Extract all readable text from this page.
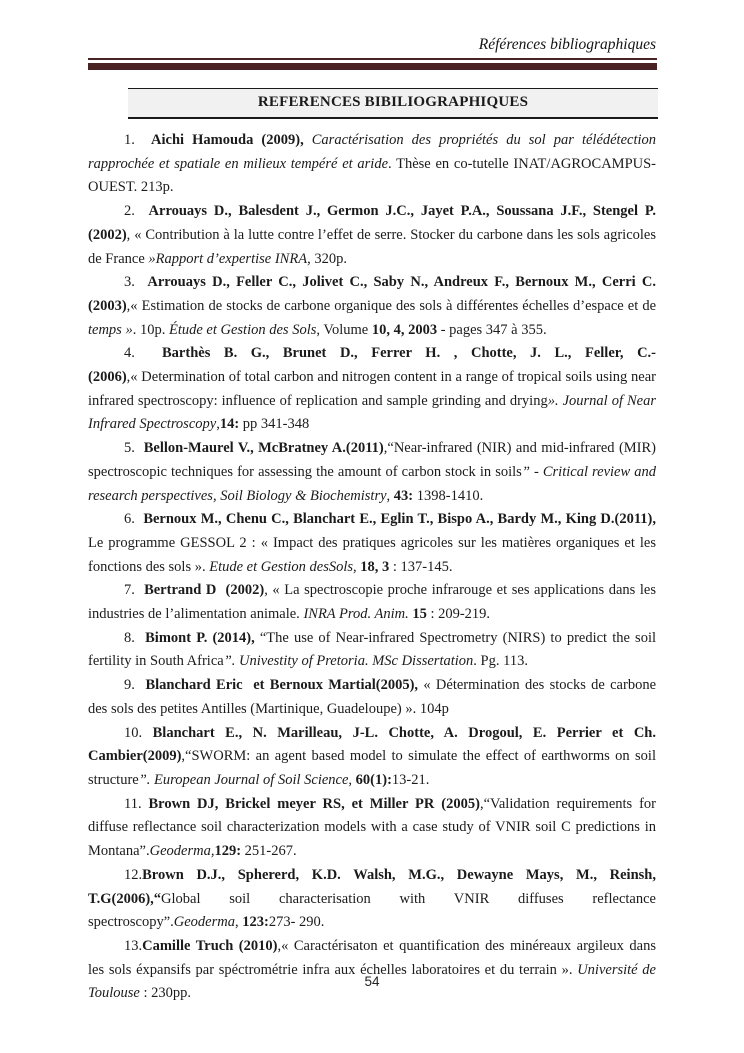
Références bibliographiques
REFERENCES BIBILIOGRAPHIQUES

1.  Aichi Hamouda (2009), Caractérisation des propriétés du sol par télédétection rapprochée et spatiale en milieux tempéré et aride. Thèse en co-tutelle INAT/AGROCAMPUS-OUEST. 213p.

2.  Arrouays D., Balesdent J., Germon J.C., Jayet P.A., Soussana J.F., Stengel P. (2002), « Contribution à la lutte contre l’effet de serre. Stocker du carbone dans les sols agricoles de France »Rapport d’expertise INRA, 320p.

3.  Arrouays D., Feller C., Jolivet C., Saby N., Andreux F., Bernoux M., Cerri C.(2003),« Estimation de stocks de carbone organique des sols à différentes échelles d’espace et de temps ». 10p. Étude et Gestion des Sols, Volume 10, 4, 2003 - pages 347 à 355.

4.  Barthès B. G., Brunet D., Ferrer H. , Chotte, J. L., Feller, C.- (2006),« Determination of total carbon and nitrogen content in a range of tropical soils using near infrared spectroscopy: influence of replication and sample grinding and drying». Journal of Near Infrared Spectroscopy,14: pp 341-348

5.  Bellon-Maurel V., McBratney A.(2011),“Near-infrared (NIR) and mid-infrared (MIR) spectroscopic techniques for assessing the amount of carbon stock in soils” - Critical review and research perspectives, Soil Biology & Biochemistry, 43: 1398-1410.

6.  Bernoux M., Chenu C., Blanchart E., Eglin T., Bispo A., Bardy M., King D.(2011), Le programme GESSOL 2 : « Impact des pratiques agricoles sur les matières organiques et les fonctions des sols ». Etude et Gestion desSols, 18, 3 : 137-145.

7.  Bertrand D  (2002), « La spectroscopie proche infrarouge et ses applications dans les industries de l’alimentation animale. INRA Prod. Anim. 15 : 209-219.

8.  Bimont P. (2014), “The use of Near-infrared Spectrometry (NIRS) to predict the soil fertility in South Africa”. Univestity of Pretoria. MSc Dissertation. Pg. 113.

9.  Blanchard Eric  et Bernoux Martial(2005), « Détermination des stocks de carbone des sols des petites Antilles (Martinique, Guadeloupe) ». 104p

10. Blanchart E., N. Marilleau, J-L. Chotte, A. Drogoul, E. Perrier et Ch. Cambier(2009),“SWORM: an agent based model to simulate the effect of earthworms on soil structure”. European Journal of Soil Science, 60(1):13-21.

11. Brown DJ, Brickel meyer RS, et Miller PR (2005),“Validation requirements for diffuse reflectance soil characterization models with a case study of VNIR soil C predictions in Montana”.Geoderma,129: 251-267.

12.Brown D.J., Sphererd, K.D. Walsh, M.G., Dewayne Mays, M., Reinsh, T.G(2006),“Global soil characterisation with VNIR diffuses reflectance spectroscopy”.Geoderma, 123:273- 290.

13.Camille Truch (2010),« Caractérisaton et quantification des minéreaux argileux dans les sols éxpansifs par spéctrométrie infra aux échelles laboratoires et du terrain ». Université de Toulouse : 230pp.

54
